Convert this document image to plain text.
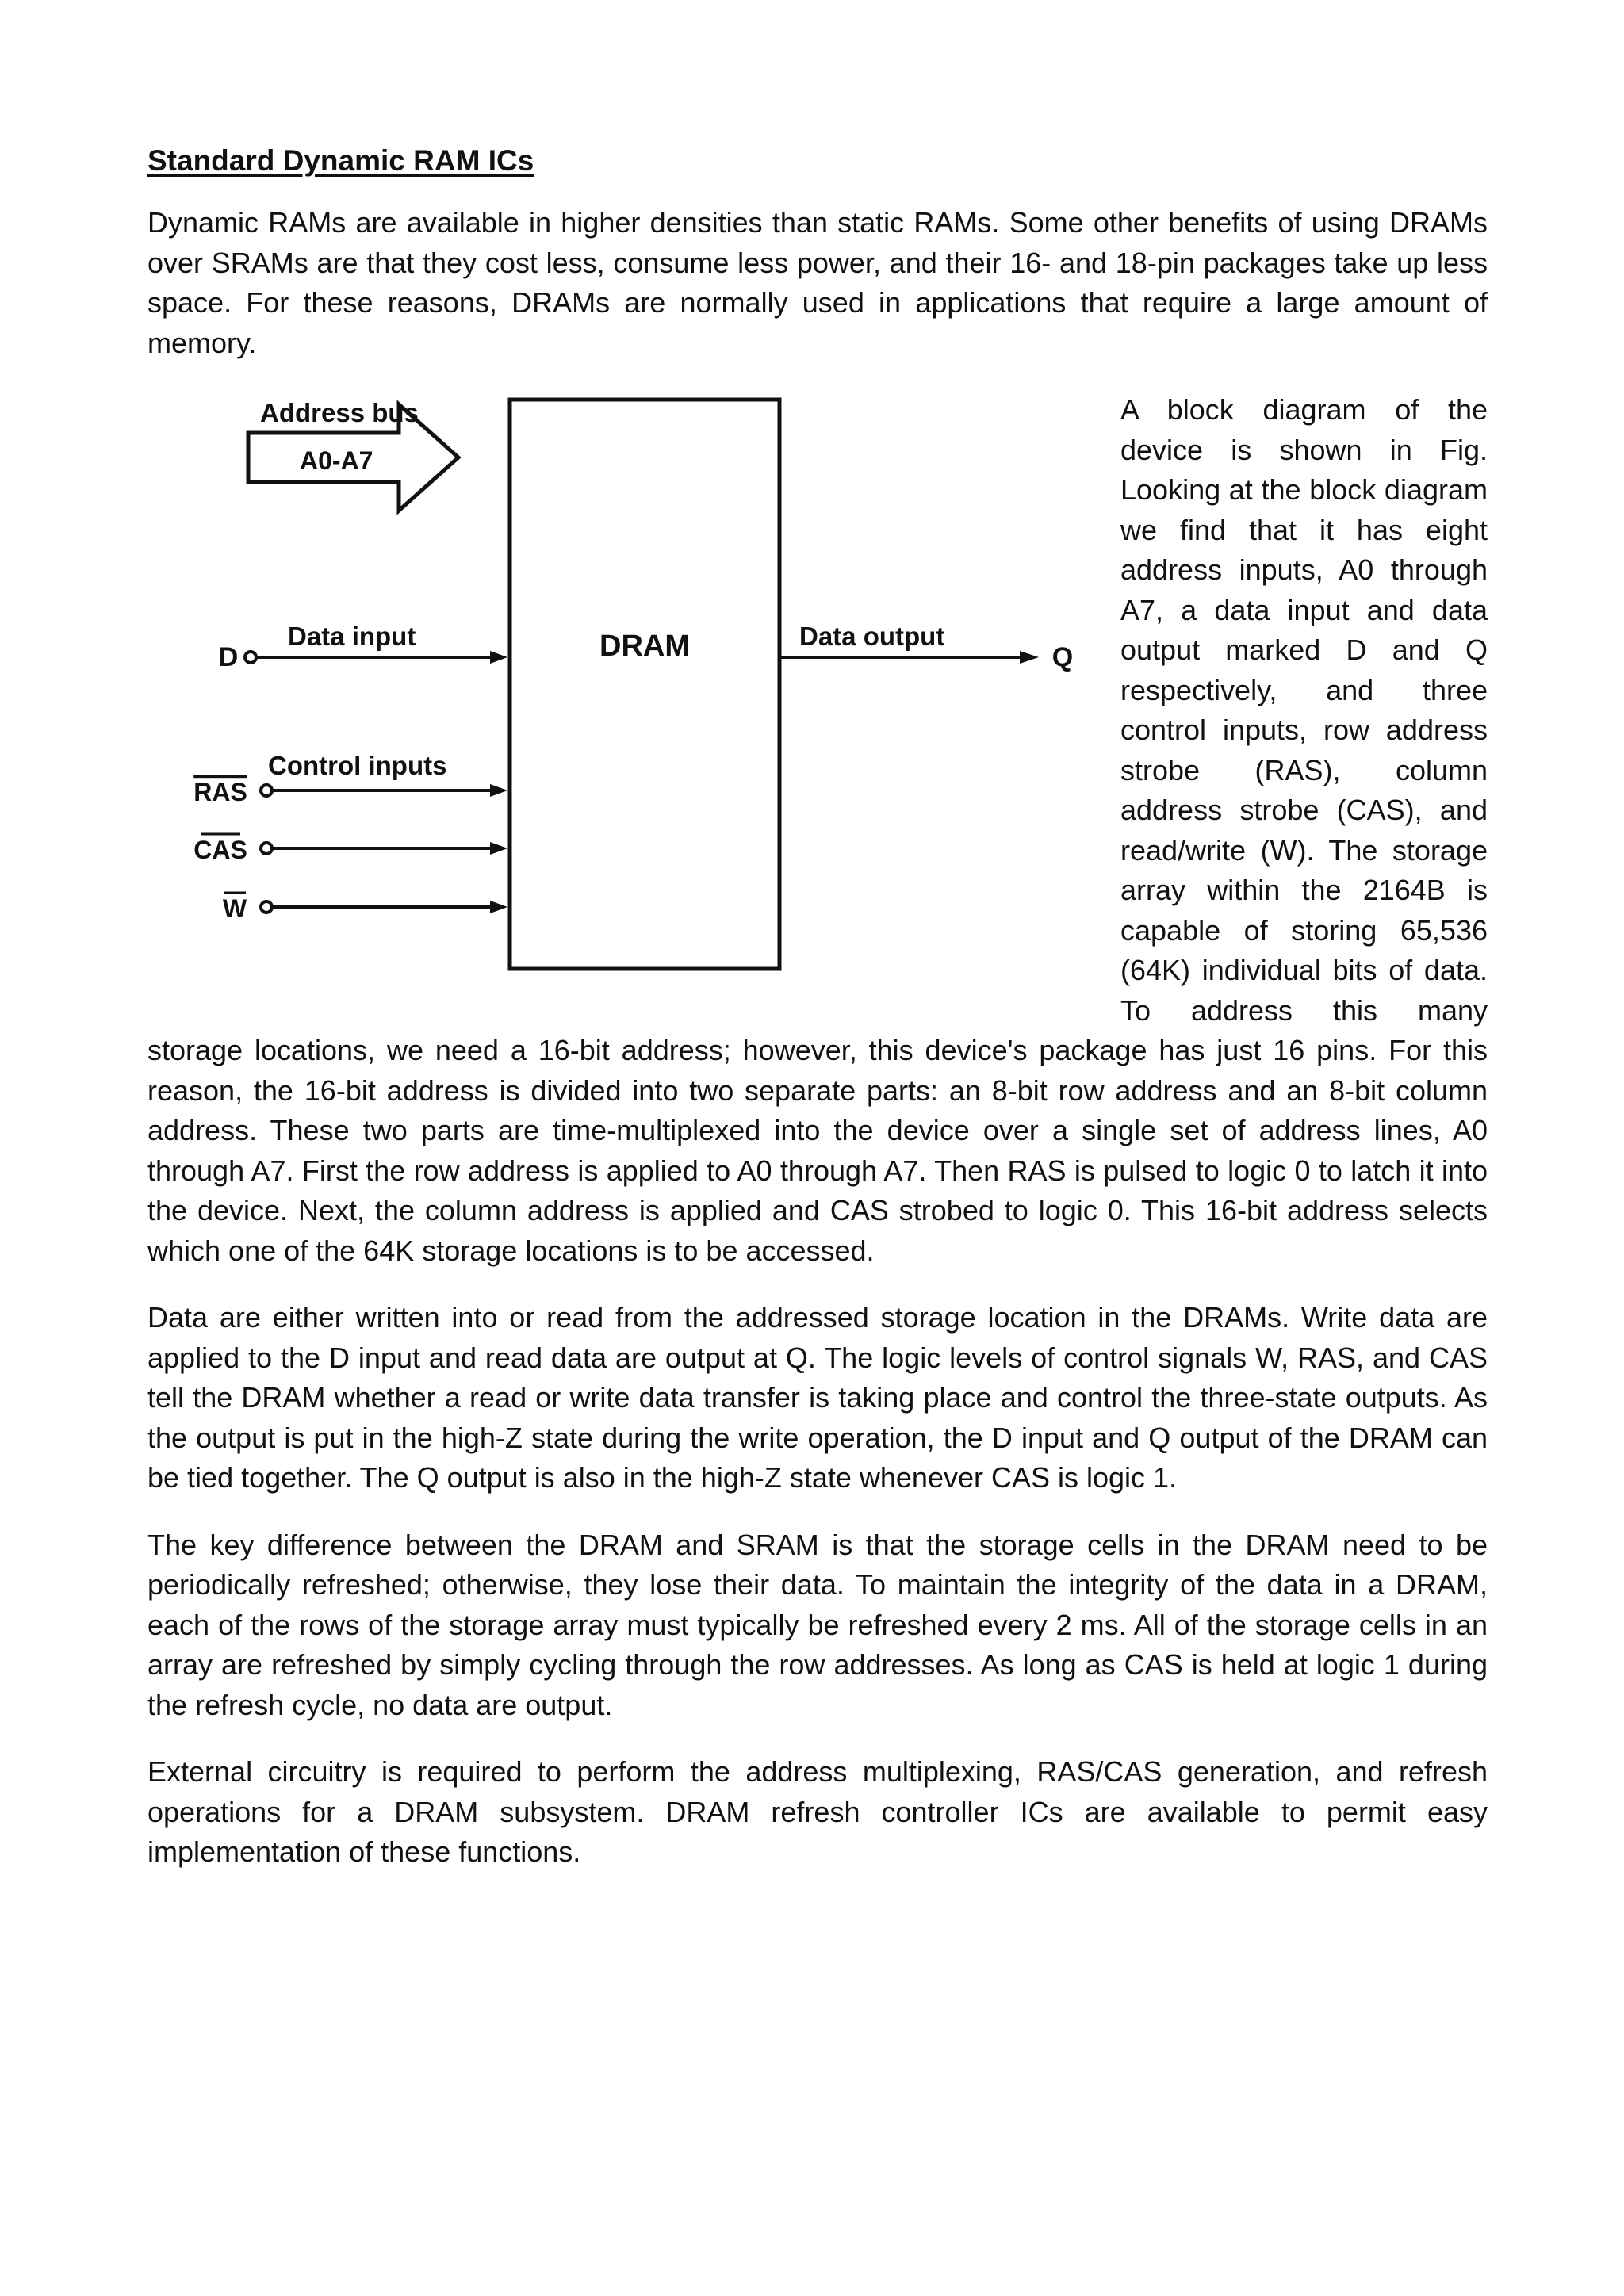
Standard Dynamic RAM ICs

Dynamic RAMs are available in higher densities than static RAMs. Some other benefits of using DRAMs over SRAMs are that they cost less, consume less power, and their 16- and 18-pin packages take up less space. For these reasons, DRAMs are normally used in applications that require a large amount of memory.

DRAM
Address bus
A0-A7
D
Data input
Q
Data output
Control inputs
RAS
CAS
W

A block diagram of the device is shown in Fig. Looking at the block diagram we find that it has eight address inputs, A0 through A7, a data input and data output marked D and Q respectively, and three control inputs, row address strobe (RAS), column address strobe (CAS), and read/write (W). The storage array within the 2164B is capable of storing 65,536 (64K) individual bits of data. To address this many storage locations, we need a 16-bit address; however, this device's package has just 16 pins. For this reason, the 16-bit address is divided into two separate parts: an 8-bit row address and an 8-bit column address. These two parts are time-multiplexed into the device over a single set of address lines, A0 through A7. First the row address is applied to A0 through A7. Then RAS is pulsed to logic 0 to latch it into the device. Next, the column address is applied and CAS strobed to logic 0. This 16-bit address selects which one of the 64K storage locations is to be accessed.

Data are either written into or read from the addressed storage location in the DRAMs. Write data are applied to the D input and read data are output at Q. The logic levels of control signals W, RAS, and CAS tell the DRAM whether a read or write data transfer is taking place and control the three-state outputs. As the output is put in the high-Z state during the write operation, the D input and Q output of the DRAM can be tied together. The Q output is also in the high-Z state whenever CAS is logic 1.

The key difference between the DRAM and SRAM is that the storage cells in the DRAM need to be periodically refreshed; otherwise, they lose their data. To maintain the integrity of the data in a DRAM, each of the rows of the storage array must typically be refreshed every 2 ms. All of the storage cells in an array are refreshed by simply cycling through the row addresses. As long as CAS is held at logic 1 during the refresh cycle, no data are output.

External circuitry is required to perform the address multiplexing, RAS/CAS generation, and refresh operations for a DRAM subsystem. DRAM refresh controller ICs are available to permit easy implementation of these functions.
